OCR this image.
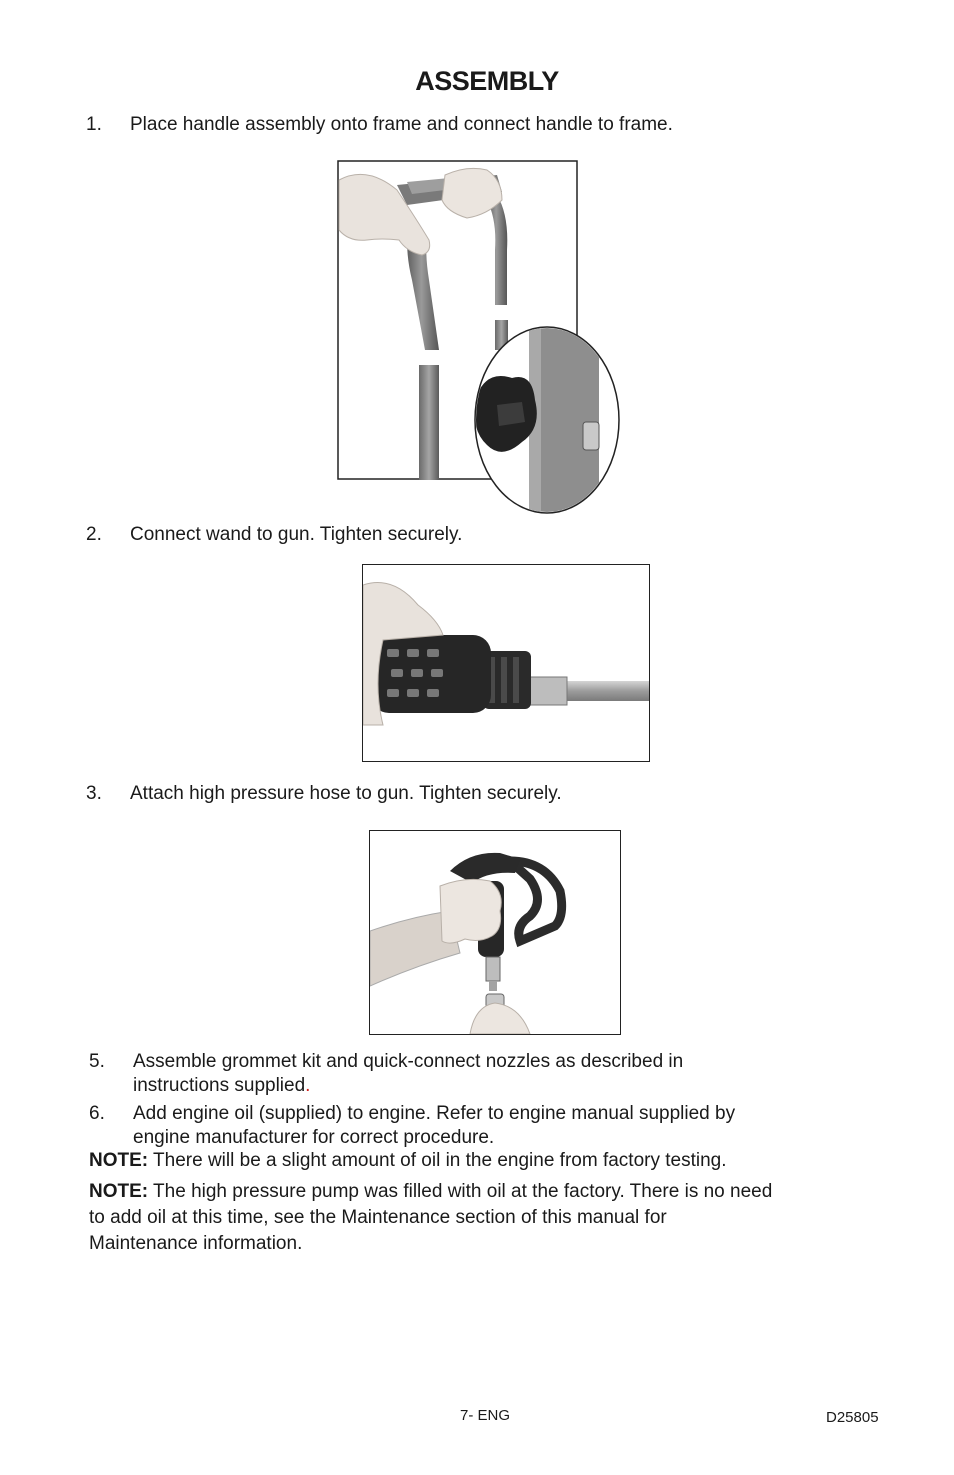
ASSEMBLY
1. Place handle assembly onto frame and connect handle to frame.
2. Connect wand to gun. Tighten securely.
3. Attach high pressure hose to gun. Tighten securely.
5. Assemble grommet kit and quick-connect nozzles as described in
instructions supplied.
6. Add engine oil (supplied) to engine. Refer to engine manual supplied by
engine manufacturer for correct procedure.
NOTE: There will be a slight amount of oil in the engine from factory testing.
NOTE: The high pressure pump was filled with oil at the factory. There is no need
to add oil at this time, see the Maintenance section of this manual for
Maintenance information.
7- ENG	D25805
